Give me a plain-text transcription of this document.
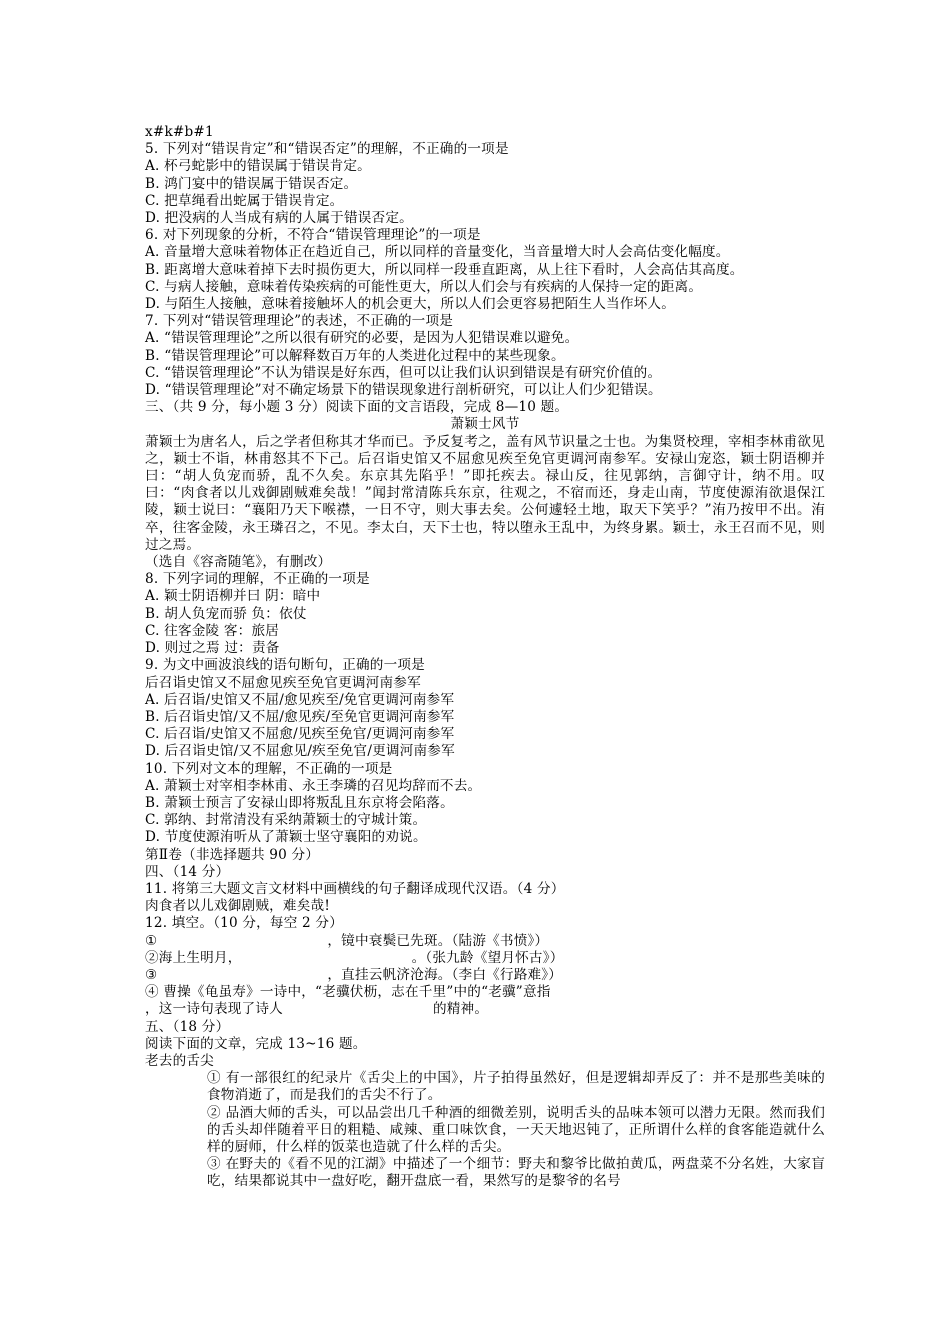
x#k#b#1
5. 下列对“错误肯定”和“错误否定”的理解，不正确的一项是
A. 杯弓蛇影中的错误属于错误肯定。
B. 鸿门宴中的错误属于错误否定。
C. 把草绳看出蛇属于错误肯定。
D. 把没病的人当成有病的人属于错误否定。
6. 对下列现象的分析，不符合“错误管理理论”的一项是
A. 音量增大意味着物体正在趋近自己，所以同样的音量变化，当音量增大时人会高估变化幅度。
B. 距离增大意味着掉下去时损伤更大，所以同样一段垂直距离，从上往下看时，人会高估其高度。
C. 与病人接触，意味着传染疾病的可能性更大，所以人们会与有疾病的人保持一定的距离。
D. 与陌生人接触，意味着接触坏人的机会更大，所以人们会更容易把陌生人当作坏人。
7. 下列对“错误管理理论”的表述，不正确的一项是
A. “错误管理理论”之所以很有研究的必要，是因为人犯错误难以避免。
B. “错误管理理论”可以解释数百万年的人类进化过程中的某些现象。
C. “错误管理理论”不认为错误是好东西，但可以让我们认识到错误是有研究价值的。
D. “错误管理理论”对不确定场景下的错误现象进行剖析研究，可以让人们少犯错误。
三、（共 9 分，每小题 3 分）阅读下面的文言语段，完成 8—10 题。
萧颖士风节
萧颖士为唐名人，后之学者但称其才华而已。予反复考之，盖有风节识量之士也。为集贤校理，宰相李林甫欲见之，颖士不诣，林甫怒其不下己。后召诣史馆又不屈愈见疾至免官更调河南参军。安禄山宠恣，颖士阴语柳并曰：“胡人负宠而骄，乱不久矣。东京其先陷乎！”即托疾去。禄山反，往见郭纳，言御守计，纳不用。叹曰：“肉食者以儿戏御剧贼难矣哉！”闻封常清陈兵东京，往观之，不宿而还，身走山南，节度使源洧欲退保江陵，颖士说曰：“襄阳乃天下喉襟，一日不守，则大事去矣。公何遽轻土地，取天下笑乎？”洧乃按甲不出。洧卒，往客金陵，永王璘召之，不见。李太白，天下士也，特以堕永王乱中，为终身累。颖士，永王召而不见，则过之焉。
（选自《容斋随笔》，有删改）
8. 下列字词的理解，不正确的一项是
A. 颖士阴语柳并曰 阴：暗中
B. 胡人负宠而骄 负：依仗
C. 往客金陵 客：旅居
D. 则过之焉 过：责备
9. 为文中画波浪线的语句断句，正确的一项是
后召诣史馆又不屈愈见疾至免官更调河南参军
A. 后召诣/史馆又不屈/愈见疾至/免官更调河南参军
B. 后召诣史馆/又不屈/愈见疾/至免官更调河南参军
C. 后召诣/史馆又不屈愈/见疾至免官/更调河南参军
D. 后召诣史馆/又不屈愈见/疾至免官/更调河南参军
10. 下列对文本的理解，不正确的一项是
A. 萧颖士对宰相李林甫、永王李璘的召见均辞而不去。
B. 萧颖士预言了安禄山即将叛乱且东京将会陷落。
C. 郭纳、封常清没有采纳萧颖士的守城计策。
D. 节度使源洧听从了萧颖士坚守襄阳的劝说。
第Ⅱ卷（非选择题共 90 分）
四、（14 分）
11. 将第三大题文言文材料中画横线的句子翻译成现代汉语。（4 分）
肉食者以儿戏御剧贼，难矣哉!
12. 填空。（10 分，每空 2 分）
①	，镜中衰鬓已先斑。（陆游《书愤》）
②海上生明月，	。（张九龄《望月怀古》）
③	，直挂云帆济沧海。（李白《行路难》）
④ 曹操《龟虽寿》一诗中，“老骥伏枥，志在千里”中的“老骥”意指
，这一诗句表现了诗人	的精神。
五、（18 分）
阅读下面的文章，完成 13~16 题。
老去的舌尖
① 有一部很红的纪录片《舌尖上的中国》，片子拍得虽然好，但是逻辑却弄反了：并不是那些美味的食物消逝了，而是我们的舌尖不行了。
② 品酒大师的舌头，可以品尝出几千种酒的细微差别，说明舌头的品味本领可以潜力无限。然而我们的舌头却伴随着平日的粗糙、咸辣、重口味饮食，一天天地迟钝了，正所谓什么样的食客能造就什么样的厨师，什么样的饭菜也造就了什么样的舌尖。
③ 在野夫的《看不见的江湖》中描述了一个细节：野夫和黎爷比做拍黄瓜，两盘菜不分名姓，大家盲吃，结果都说其中一盘好吃，翻开盘底一看，果然写的是黎爷的名号
